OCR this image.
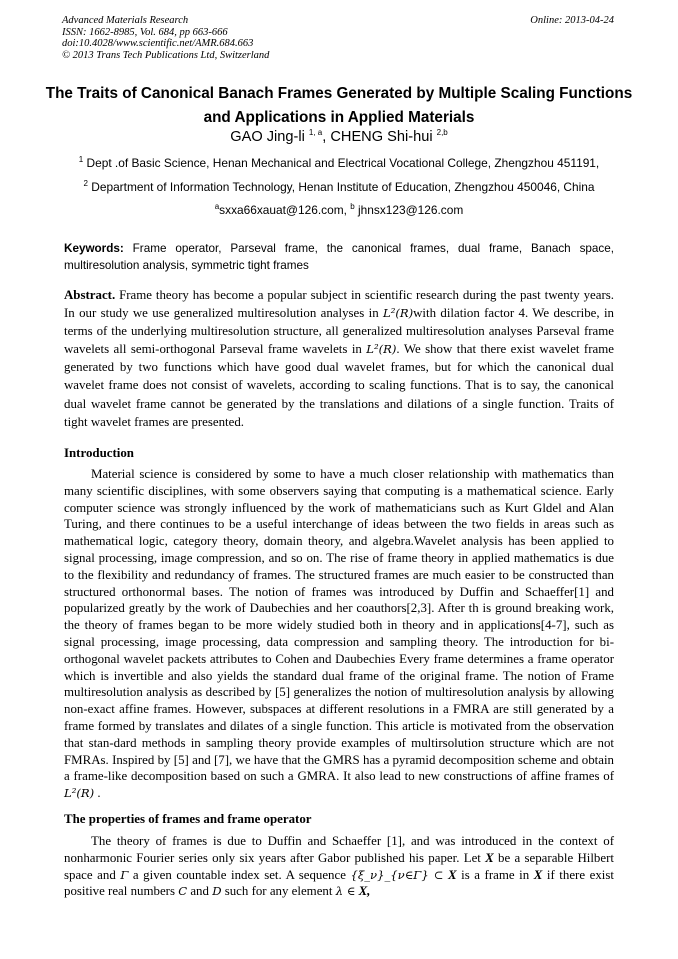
Advanced Materials Research
ISSN: 1662-8985, Vol. 684, pp 663-666
doi:10.4028/www.scientific.net/AMR.684.663
© 2013 Trans Tech Publications Ltd, Switzerland
Online: 2013-04-24
The Traits of Canonical Banach Frames Generated by Multiple Scaling Functions and Applications in Applied Materials
GAO Jing-li $^{1, a}$, CHENG Shi-hui $^{2,b}$
$^1$ Dept .of Basic Science, Henan Mechanical and Electrical Vocational College, Zhengzhou 451191,
$^2$ Department of Information Technology, Henan Institute of Education, Zhengzhou 450046, China
$^a$sxxa66xauat@126.com, $^b$ jhnsx123@126.com
Keywords: Frame operator, Parseval frame, the canonical frames, dual frame, Banach space, multiresolution analysis, symmetric tight frames
Abstract. Frame theory has become a popular subject in scientific research during the past twenty years. In our study we use generalized multiresolution analyses in L²(R)with dilation factor 4. We describe, in terms of the underlying multiresolution structure, all generalized multiresolution analyses Parseval frame wavelets all semi-orthogonal Parseval frame wavelets in L²(R). We show that there exist wavelet frame generated by two functions which have good dual wavelet frames, but for which the canonical dual wavelet frame does not consist of wavelets, according to scaling functions. That is to say, the canonical dual wavelet frame cannot be generated by the translations and dilations of a single function. Traits of tight wavelet frames are presented.
Introduction

Material science is considered by some to have a much closer relationship with mathematics than many scientific disciplines, with some observers saying that computing is a mathematical science. Early computer science was strongly influenced by the work of mathematicians such as Kurt Gldel and Alan Turing, and there continues to be a useful interchange of ideas between the two fields in areas such as mathematical logic, category theory, domain theory, and algebra.Wavelet analysis has been applied to signal processing, image compression, and so on. The rise of frame theory in applied mathematics is due to the flexibility and redundancy of frames. The structured frames are much easier to be constructed than structured orthonormal bases. The notion of frames was introduced by Duffin and Schaeffer[1] and popularized greatly by the work of Daubechies and her coauthors[2,3]. After th is ground breaking work, the theory of frames began to be more widely studied both in theory and in applications[4-7], such as signal processing, image processing, data compression and sampling theory. The introduction for bi-orthogonal wavelet packets attributes to Cohen and Daubechies Every frame determines a frame operator which is invertible and also yields the standard dual frame of the original frame. The notion of Frame multiresolution analysis as described by [5] generalizes the notion of multiresolution analysis by allowing non-exact affine frames. However, subspaces at different resolutions in a FMRA are still generated by a frame formed by translates and dilates of a single function. This article is motivated from the observation that stan-dard methods in sampling theory provide examples of multirsolution structure which are not FMRAs. Inspired by [5] and [7], we have that the GMRS has a pyramid decomposition scheme and obtain a frame-like decomposition based on such a GMRA. It also lead to new constructions of affine frames of L²(R) .

The properties of frames and frame operator

The theory of frames is due to Duffin and Schaeffer [1], and was introduced in the context of nonharmonic Fourier series only six years after Gabor published his paper. Let X be a separable Hilbert space and Γ a given countable index set. A sequence {ξ_ν}_{ν∈Γ} ⊂ X is a frame in X if there exist positive real numbers C and D such for any element λ ∈ X,
